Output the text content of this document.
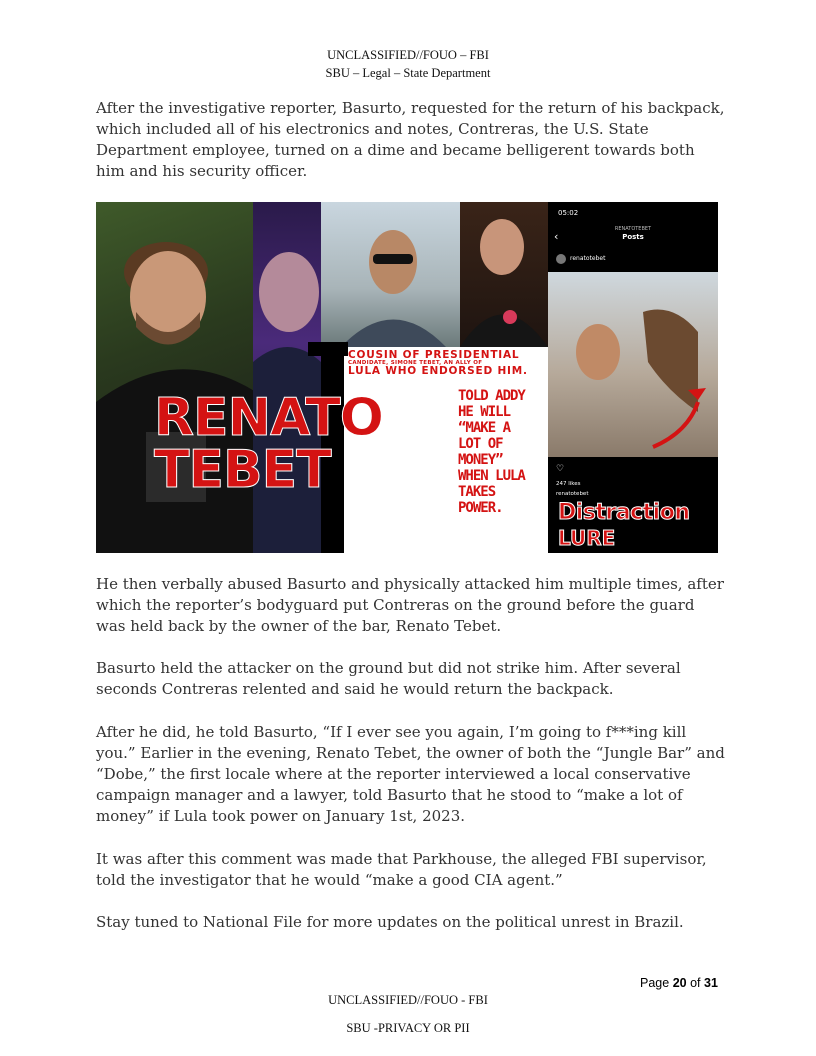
UNCLASSIFIED//FOUO – FBI
SBU – Legal – State Department

After the investigative reporter, Basurto, requested for the return of his backpack, which included all of his electronics and notes, Contreras, the U.S. State Department employee, turned on a dime and became belligerent towards both him and his security officer.

05:02
RENATOTEBET
Posts
‹
renatotebet
♡
247 likes
renatotebet
Distraction
LURE
COUSIN OF PRESIDENTIAL
CANDIDATE, SIMONE TEBET, AN ALLY OF
LULA WHO ENDORSED HIM.
TOLD ADDY
HE WILL
“MAKE A
LOT OF
MONEY”
WHEN LULA
TAKES
POWER.
RENATO
TEBET

He then verbally abused Basurto and physically attacked him multiple times, after which the reporter’s bodyguard put Contreras on the ground before the guard was held back by the owner of the bar, Renato Tebet.

Basurto held the attacker on the ground but did not strike him. After several seconds Contreras relented and said he would return the backpack.

After he did, he told Basurto, “If I ever see you again, I’m going to f***ing kill you.” Earlier in the evening, Renato Tebet, the owner of both the “Jungle Bar” and “Dobe,” the first locale where at the reporter interviewed a local conservative campaign manager and a lawyer, told Basurto that he stood to “make a lot of money” if Lula took power on January 1st, 2023.

It was after this comment was made that Parkhouse, the alleged FBI supervisor, told the investigator that he would “make a good CIA agent.”

Stay tuned to National File for more updates on the political unrest in Brazil.

Page 20 of 31
UNCLASSIFIED//FOUO - FBI
SBU -PRIVACY OR PII
